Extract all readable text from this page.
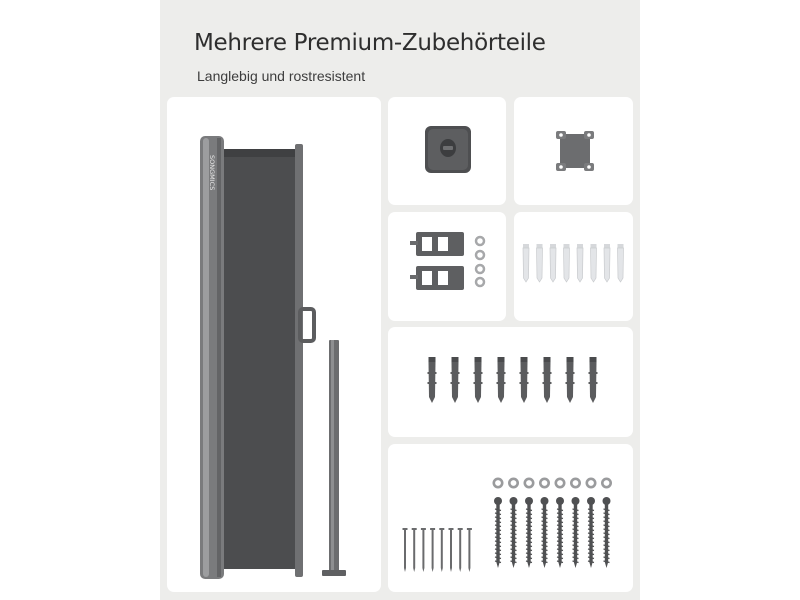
Mehrere Premium-Zubehörteile
Langlebig und rostresistent
SONGMICS
